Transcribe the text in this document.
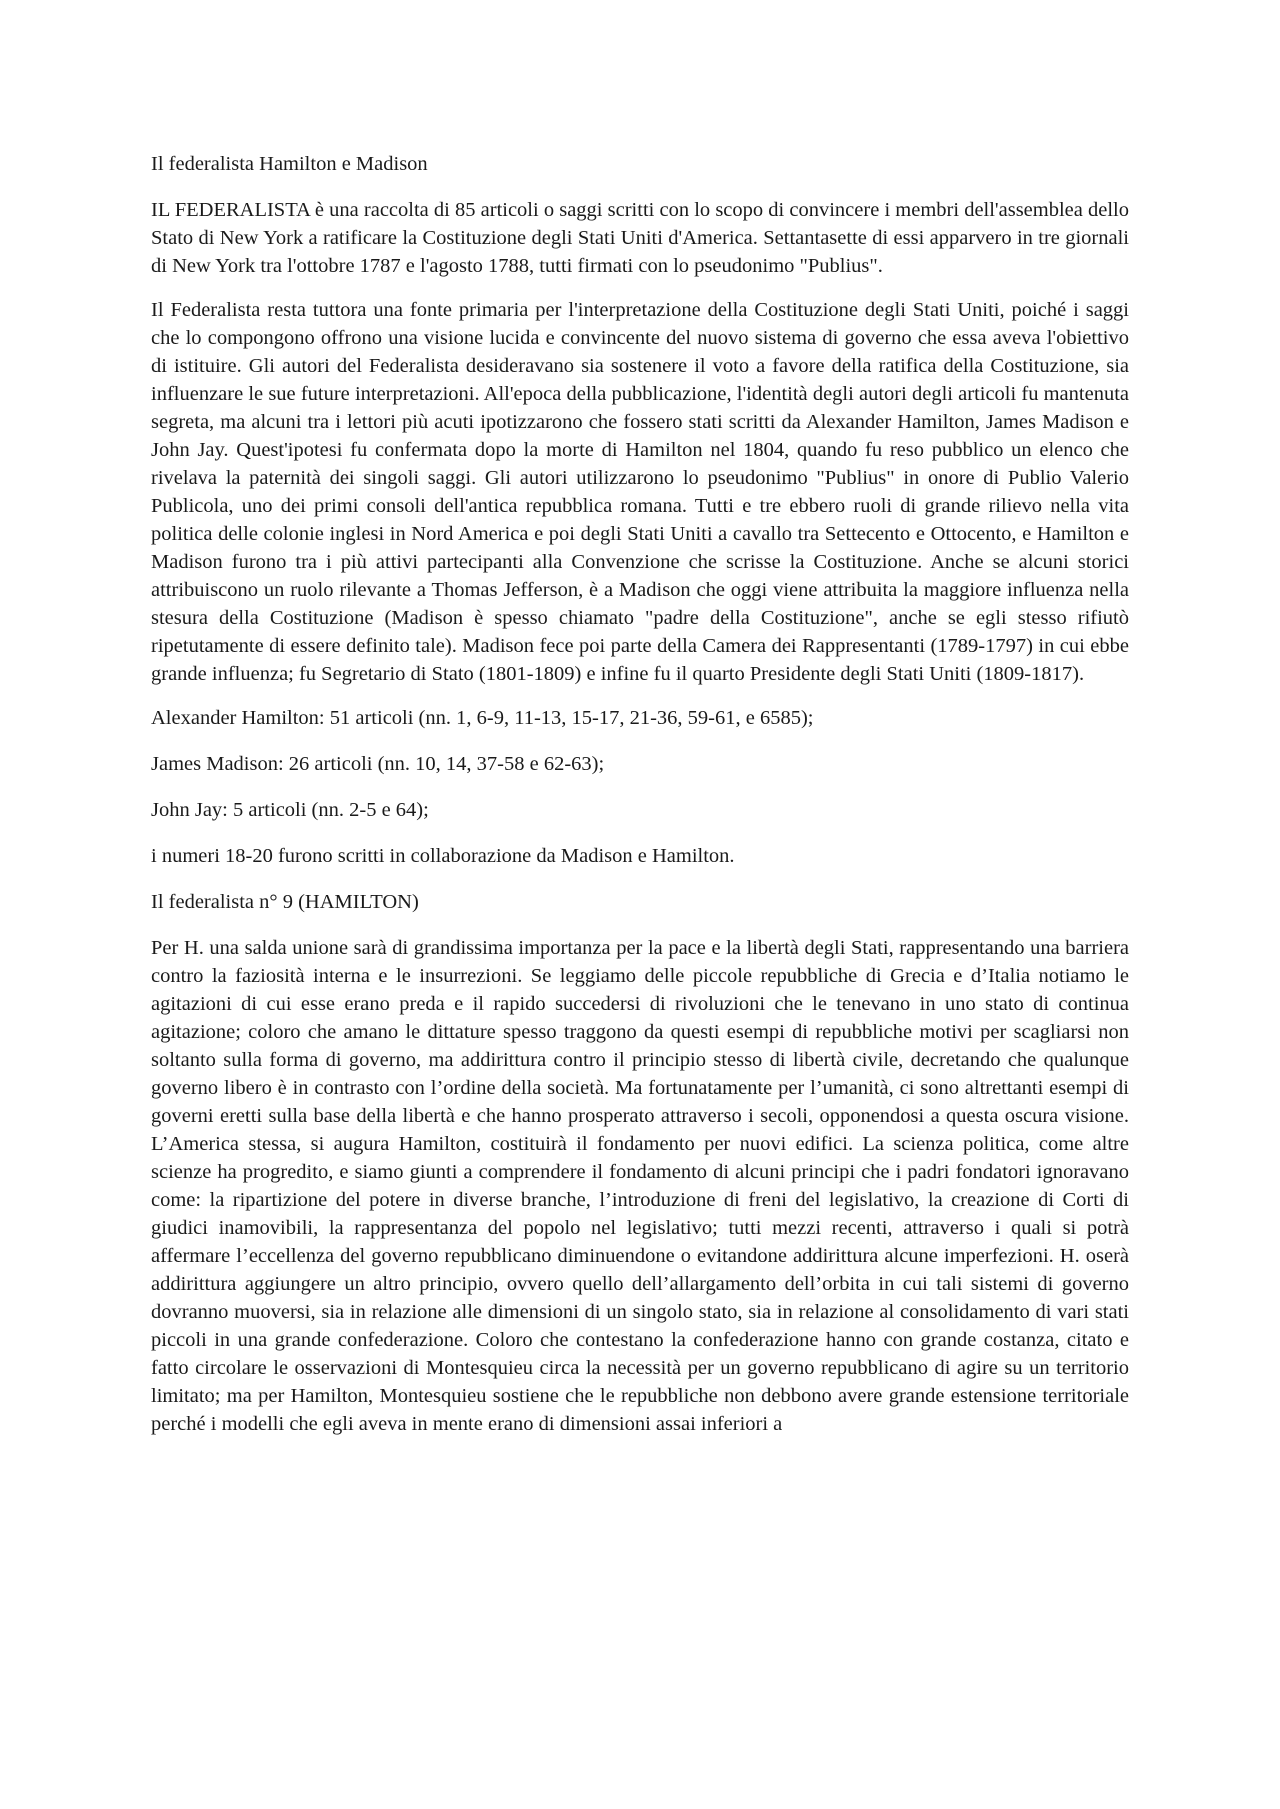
Il federalista Hamilton e Madison

IL FEDERALISTA è una raccolta di 85 articoli o saggi scritti con lo scopo di convincere i membri dell'assemblea dello Stato di New York a ratificare la Costituzione degli Stati Uniti d'America. Settantasette di essi apparvero in tre giornali di New York tra l'ottobre 1787 e l'agosto 1788, tutti firmati con lo pseudonimo "Publius".

Il Federalista resta tuttora una fonte primaria per l'interpretazione della Costituzione degli Stati Uniti, poiché i saggi che lo compongono offrono una visione lucida e convincente del nuovo sistema di governo che essa aveva l'obiettivo di istituire. Gli autori del Federalista desideravano sia sostenere il voto a favore della ratifica della Costituzione, sia influenzare le sue future interpretazioni. All'epoca della pubblicazione, l'identità degli autori degli articoli fu mantenuta segreta, ma alcuni tra i lettori più acuti ipotizzarono che fossero stati scritti da Alexander Hamilton, James Madison e John Jay. Quest'ipotesi fu confermata dopo la morte di Hamilton nel 1804, quando fu reso pubblico un elenco che rivelava la paternità dei singoli saggi. Gli autori utilizzarono lo pseudonimo "Publius" in onore di Publio Valerio Publicola, uno dei primi consoli dell'antica repubblica romana. Tutti e tre ebbero ruoli di grande rilievo nella vita politica delle colonie inglesi in Nord America e poi degli Stati Uniti a cavallo tra Settecento e Ottocento, e Hamilton e Madison furono tra i più attivi partecipanti alla Convenzione che scrisse la Costituzione. Anche se alcuni storici attribuiscono un ruolo rilevante a Thomas Jefferson, è a Madison che oggi viene attribuita la maggiore influenza nella stesura della Costituzione (Madison è spesso chiamato "padre della Costituzione", anche se egli stesso rifiutò ripetutamente di essere definito tale). Madison fece poi parte della Camera dei Rappresentanti (1789-1797) in cui ebbe grande influenza; fu Segretario di Stato (1801-1809) e infine fu il quarto Presidente degli Stati Uniti (1809-1817).

Alexander Hamilton: 51 articoli (nn. 1, 6-9, 11-13, 15-17, 21-36, 59-61, e 6585);

James Madison: 26 articoli (nn. 10, 14, 37-58 e 62-63);

John Jay: 5 articoli (nn. 2-5 e 64);

i numeri 18-20 furono scritti in collaborazione da Madison e Hamilton.

Il federalista n° 9 (HAMILTON)

Per H. una salda unione sarà di grandissima importanza per la pace e la libertà degli Stati, rappresentando una barriera contro la faziosità interna e le insurrezioni. Se leggiamo delle piccole repubbliche di Grecia e d’Italia notiamo le agitazioni di cui esse erano preda e il rapido succedersi di rivoluzioni che le tenevano in uno stato di continua agitazione; coloro che amano le dittature spesso traggono da questi esempi di repubbliche motivi per scagliarsi non soltanto sulla forma di governo, ma addirittura contro il principio stesso di libertà civile, decretando che qualunque governo libero è in contrasto con l’ordine della società. Ma fortunatamente per l’umanità, ci sono altrettanti esempi di governi eretti sulla base della libertà e che hanno prosperato attraverso i secoli, opponendosi a questa oscura visione. L’America stessa, si augura Hamilton, costituirà il fondamento per nuovi edifici. La scienza politica, come altre scienze ha progredito, e siamo giunti a comprendere il fondamento di alcuni principi che i padri fondatori ignoravano come: la ripartizione del potere in diverse branche, l’introduzione di freni del legislativo, la creazione di Corti di giudici inamovibili, la rappresentanza del popolo nel legislativo; tutti mezzi recenti, attraverso i quali si potrà affermare l’eccellenza del governo repubblicano diminuendone o evitandone addirittura alcune imperfezioni. H. oserà addirittura aggiungere un altro principio, ovvero quello dell’allargamento dell’orbita in cui tali sistemi di governo dovranno muoversi, sia in relazione alle dimensioni di un singolo stato, sia in relazione al consolidamento di vari stati piccoli in una grande confederazione. Coloro che contestano la confederazione hanno con grande costanza, citato e fatto circolare le osservazioni di Montesquieu circa la necessità per un governo repubblicano di agire su un territorio limitato; ma per Hamilton, Montesquieu sostiene che le repubbliche non debbono avere grande estensione territoriale perché i modelli che egli aveva in mente erano di dimensioni assai inferiori a
